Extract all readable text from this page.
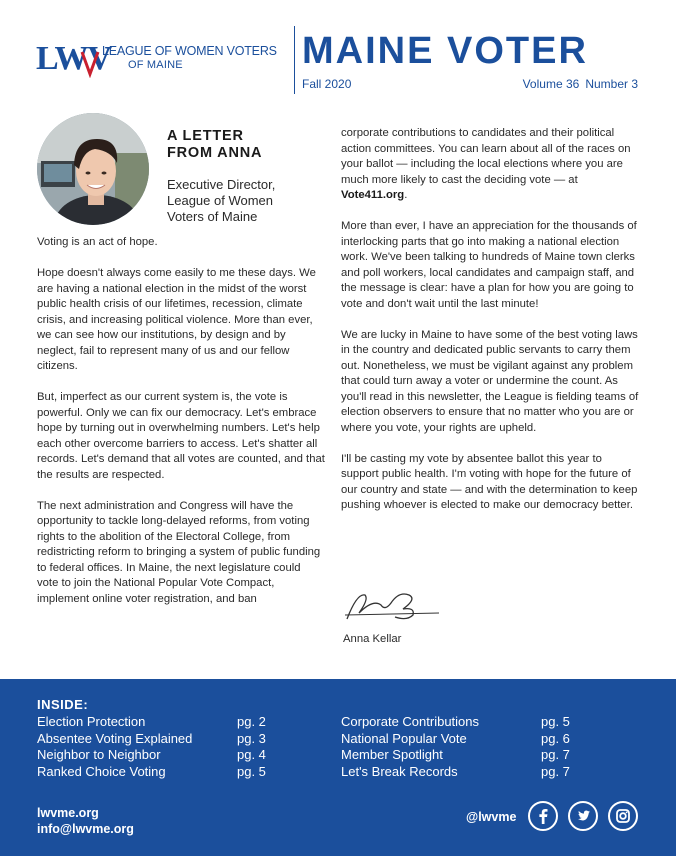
LWV
LEAGUE OF WOMEN VOTERS
OF MAINE	MAINE VOTER
Fall 2020	Volume 36 Number 3
A LETTER
FROM ANNA
Executive Director,
League of Women
Voters of Maine

Voting is an act of hope.

Hope doesn't always come easily to me these days. We are having a national election in the midst of the worst public health crisis of our lifetimes, recession, climate crisis, and increasing political violence. More than ever, we can see how our institutions, by design and by neglect, fail to represent many of us and our fellow citizens.

But, imperfect as our current system is, the vote is powerful. Only we can fix our democracy. Let's embrace hope by turning out in overwhelming numbers. Let's help each other overcome barriers to access. Let's shatter all records. Let's demand that all votes are counted, and that the results are respected.

The next administration and Congress will have the opportunity to tackle long-delayed reforms, from voting rights to the abolition of the Electoral College, from redistricting reform to bringing a system of public funding to federal offices. In Maine, the next legislature could vote to join the National Popular Vote Compact, implement online voter registration, and ban

corporate contributions to candidates and their political action committees. You can learn about all of the races on your ballot — including the local elections where you are much more likely to cast the deciding vote — at Vote411.org.

More than ever, I have an appreciation for the thousands of interlocking parts that go into making a national election work. We've been talking to hundreds of Maine town clerks and poll workers, local candidates and campaign staff, and the message is clear: have a plan for how you are going to vote and don't wait until the last minute!

We are lucky in Maine to have some of the best voting laws in the country and dedicated public servants to carry them out. Nonetheless, we must be vigilant against any problem that could turn away a voter or undermine the count. As you'll read in this newsletter, the League is fielding teams of election observers to ensure that no matter who you are or where you vote, your rights are upheld.

I'll be casting my vote by absentee ballot this year to support public health. I'm voting with hope for the future of our country and state — and with the determination to keep pushing whoever is elected to make our democracy better.

Anna Kellar
INSIDE:
Election Protection	pg. 2
Absentee Voting Explained	pg. 3
Neighbor to Neighbor	pg. 4
Ranked Choice Voting	pg. 5
Corporate Contributions	pg. 5
National Popular Vote	pg. 6
Member Spotlight	pg. 7
Let's Break Records	pg. 7
lwvme.org
info@lwvme.org
@lwvme
